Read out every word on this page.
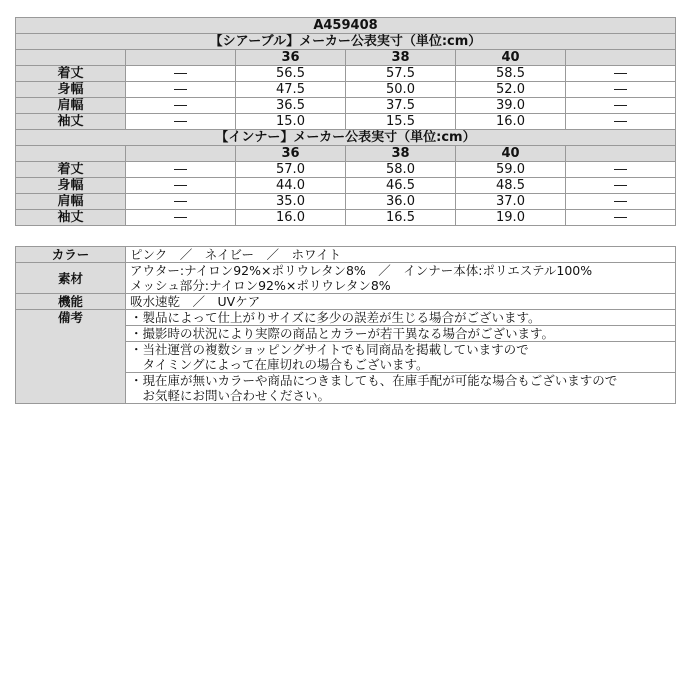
A459408					
【シアーブル】メーカー公表実寸（単位:cm）					
		36	38	40	
着丈	―	56.5	57.5	58.5	―
身幅	―	47.5	50.0	52.0	―
肩幅	―	36.5	37.5	39.0	―
袖丈	―	15.0	15.5	16.0	―
【インナー】メーカー公表実寸（単位:cm）					
		36	38	40	
着丈	―	57.0	58.0	59.0	―
身幅	―	44.0	46.5	48.5	―
肩幅	―	35.0	36.0	37.0	―
袖丈	―	16.0	16.5	19.0	―
カラー	ピンク　／　ネイビー　／　ホワイト
素材	アウター:ナイロン92%×ポリウレタン8%　／　インナー本体:ポリエステル100%
メッシュ部分:ナイロン92%×ポリウレタン8%

機能	吸水速乾　／　UVケア
備考	・製品によって仕上がりサイズに多少の誤差が生じる場合がございます。
	・撮影時の状況により実際の商品とカラーが若干異なる場合がございます。

	・当社運営の複数ショッピングサイトでも同商品を掲載していますので
　タイミングによって在庫切れの場合もございます。

	・現在庫が無いカラーや商品につきましても、在庫手配が可能な場合もございますので
　お気軽にお問い合わせください。
